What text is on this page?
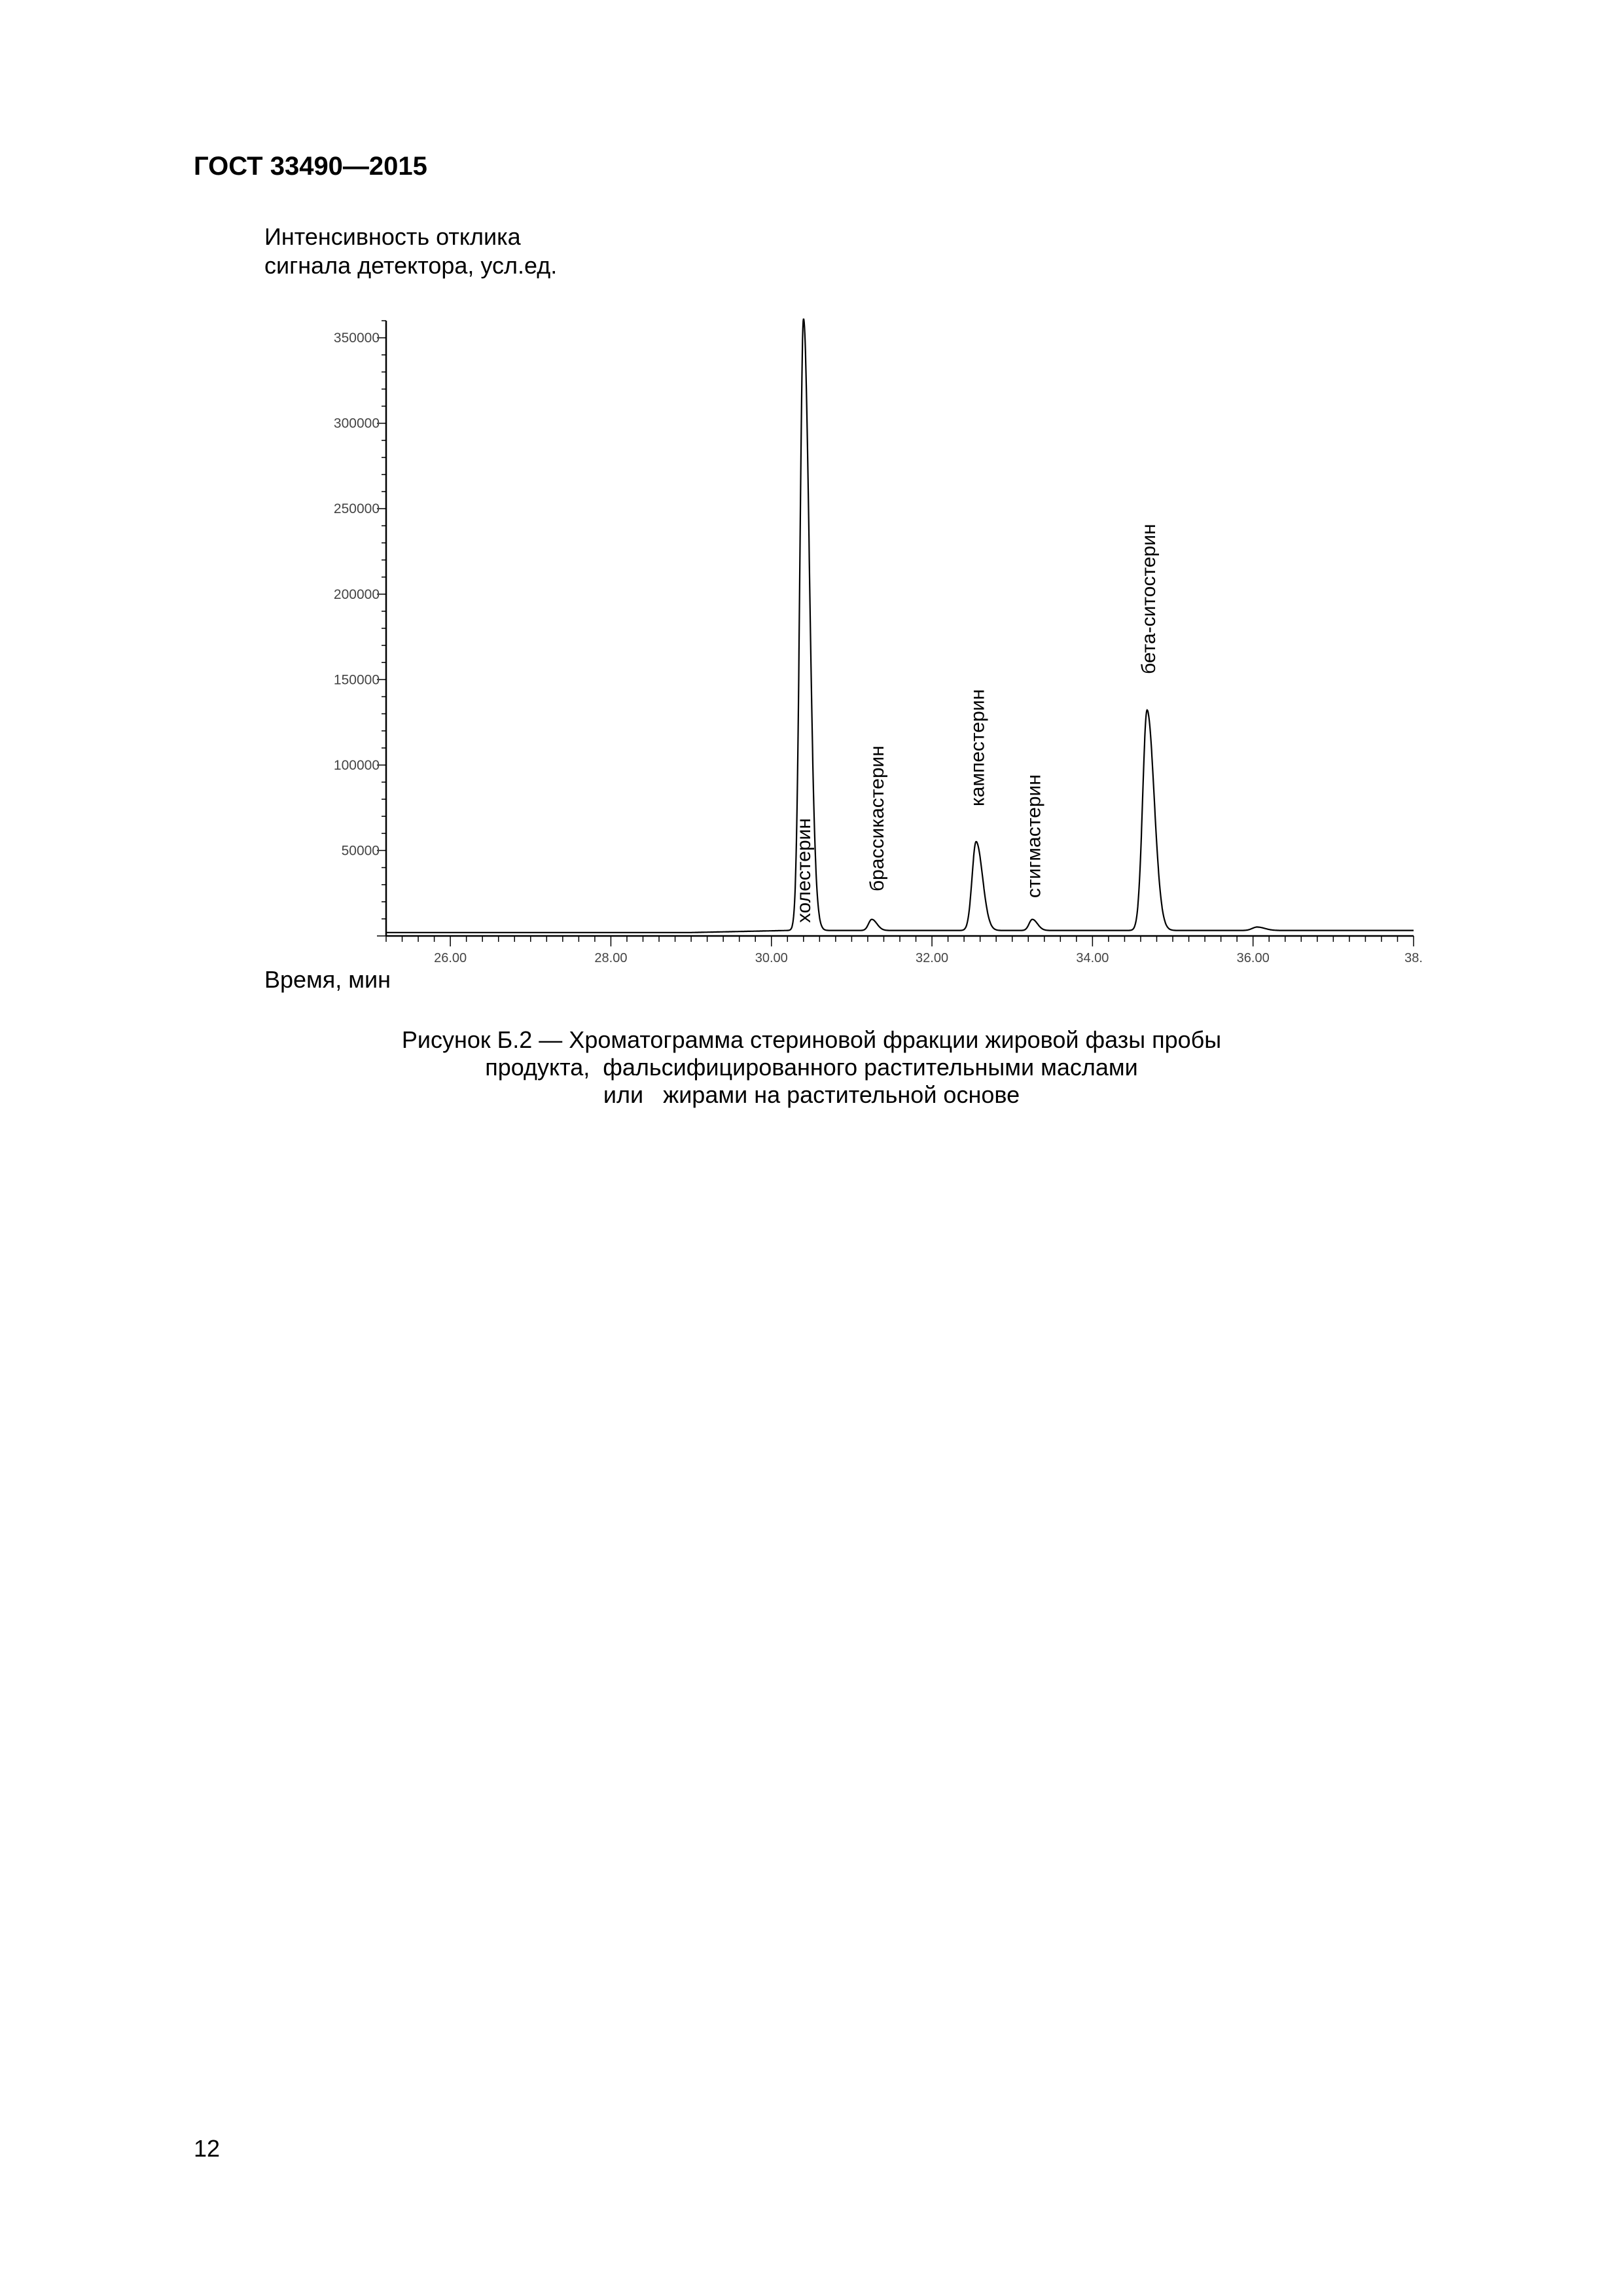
ГОСТ 33490—2015
Интенсивность отклика
сигнала детектора, усл.ед.
26.00	28.00	30.00	32.00	34.00	36.00	38.
50000
100000
150000
200000
250000
300000
350000
холестерин	брассикастерин	кампестерин
стигмастерин
бета-ситостерин
Время, мин
Рисунок Б.2 — Хроматограмма стериновой фракции жировой фазы пробы
продукта,  фальсифицированного растительными маслами
или   жирами на растительной основе
12
